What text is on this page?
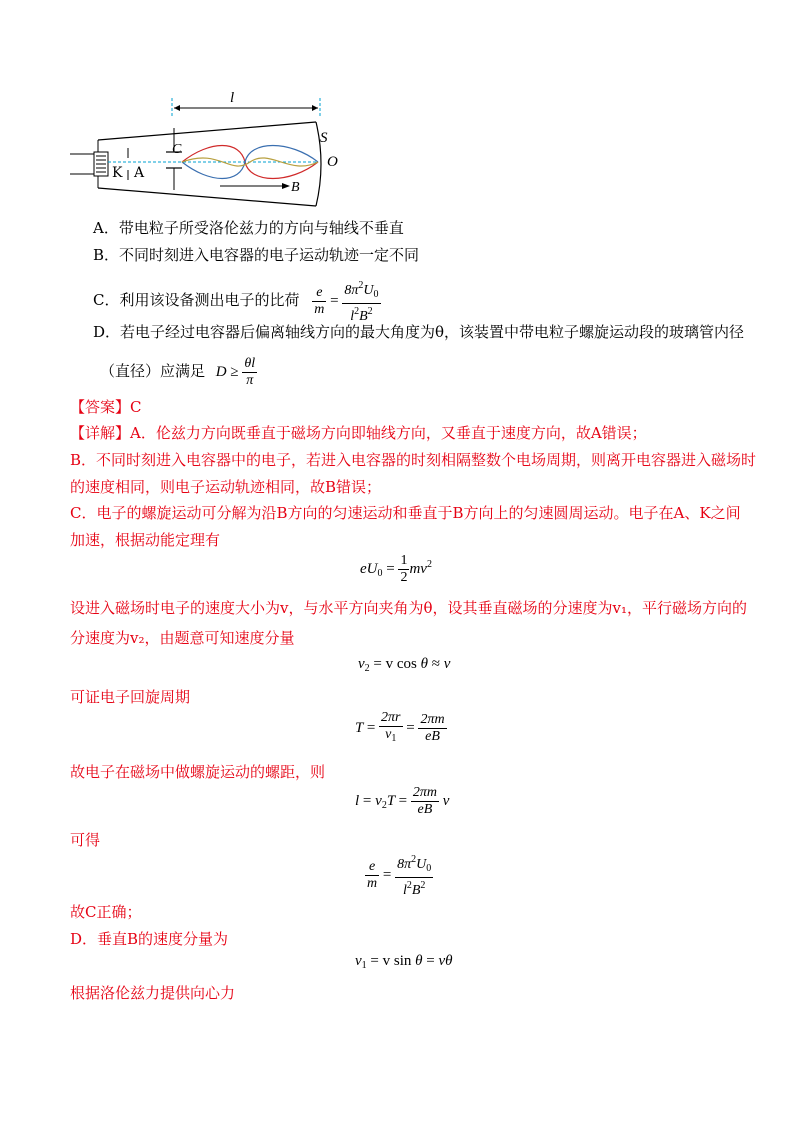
l
S
C
O
K A
B
A．带电粒子所受洛伦兹力的方向与轴线不垂直
B．不同时刻进入电容器的电子运动轨迹一定不同
C．利用该设备测出电子的比荷 $\frac{e}{m} = \frac{8\pi^2U_0}{l^2B^2}$
D．若电子经过电容器后偏离轴线方向的最大角度为θ，该装置中带电粒子螺旋运动段的玻璃管内径
（直径）应满足 $D \ge \frac{\theta l}{\pi}$
【答案】C
【详解】A．伦兹力方向既垂直于磁场方向即轴线方向，又垂直于速度方向，故A错误；
B．不同时刻进入电容器中的电子，若进入电容器的时刻相隔整数个电场周期，则离开电容器进入磁场时
的速度相同，则电子运动轨迹相同，故B错误；
C．电子的螺旋运动可分解为沿B方向的匀速运动和垂直于B方向上的匀速圆周运动。电子在A、K之间
加速，根据动能定理有
$eU_0 = \frac{1}{2} mv^2$
设进入磁场时电子的速度大小为v，与水平方向夹角为θ，设其垂直磁场的分速度为v₁，平行磁场方向的
分速度为v₂，由题意可知速度分量
$v_2 = v$ cos θ ≈ v
可证电子回旋周期
$T = \frac{2\pi r}{v_1} = \frac{2\pi m}{eB}$
故电子在磁场中做螺旋运动的螺距，则
$l = v_2T = \frac{2\pi m}{eB}$ v
可得
$\frac{e}{m} = \frac{8\pi^2U_0}{l^2B^2}$
故C正确；
D．垂直B的速度分量为
$v_1 = v$ sin θ = vθ
根据洛伦兹力提供向心力
